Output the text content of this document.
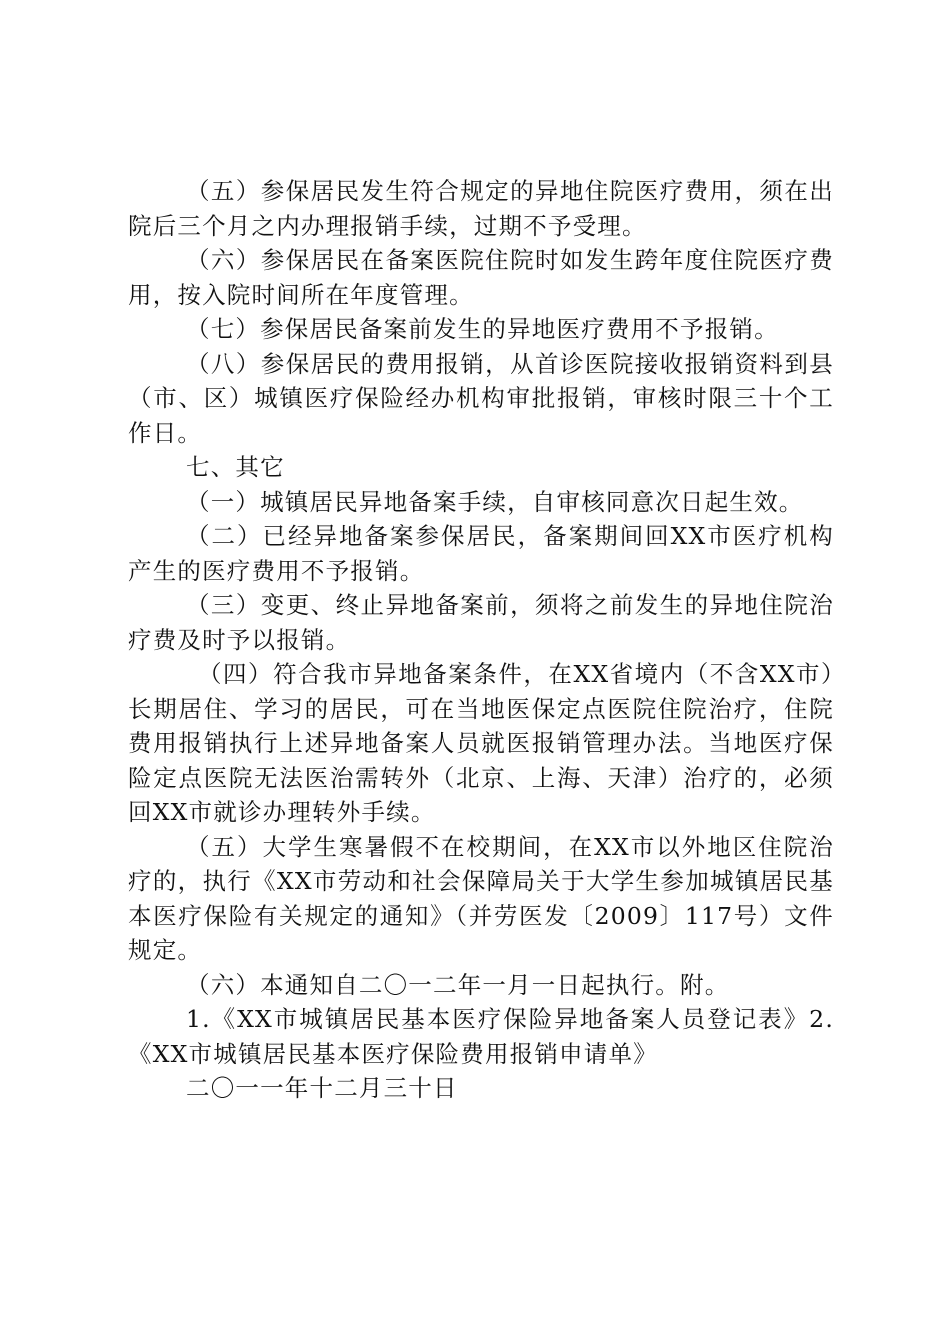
（五）参保居民发生符合规定的异地住院医疗费用，须在出院后三个月之内办理报销手续，过期不予受理。

（六）参保居民在备案医院住院时如发生跨年度住院医疗费用，按入院时间所在年度管理。

（七）参保居民备案前发生的异地医疗费用不予报销。

（八）参保居民的费用报销，从首诊医院接收报销资料到县（市、区）城镇医疗保险经办机构审批报销，审核时限三十个工作日。

七、其它

（一）城镇居民异地备案手续，自审核同意次日起生效。

（二）已经异地备案参保居民，备案期间回XX市医疗机构产生的医疗费用不予报销。

（三）变更、终止异地备案前，须将之前发生的异地住院治疗费及时予以报销。

（四）符合我市异地备案条件，在XX省境内（不含XX市）长期居住、学习的居民，可在当地医保定点医院住院治疗，住院费用报销执行上述异地备案人员就医报销管理办法。当地医疗保险定点医院无法医治需转外（北京、上海、天津）治疗的，必须回XX市就诊办理转外手续。

（五）大学生寒暑假不在校期间，在XX市以外地区住院治疗的，执行《XX市劳动和社会保障局关于大学生参加城镇居民基本医疗保险有关规定的通知》（并劳医发〔2009〕117号）文件规定。

（六）本通知自二〇一二年一月一日起执行。附。

1.《XX市城镇居民基本医疗保险异地备案人员登记表》2.《XX市城镇居民基本医疗保险费用报销申请单》

二〇一一年十二月三十日
